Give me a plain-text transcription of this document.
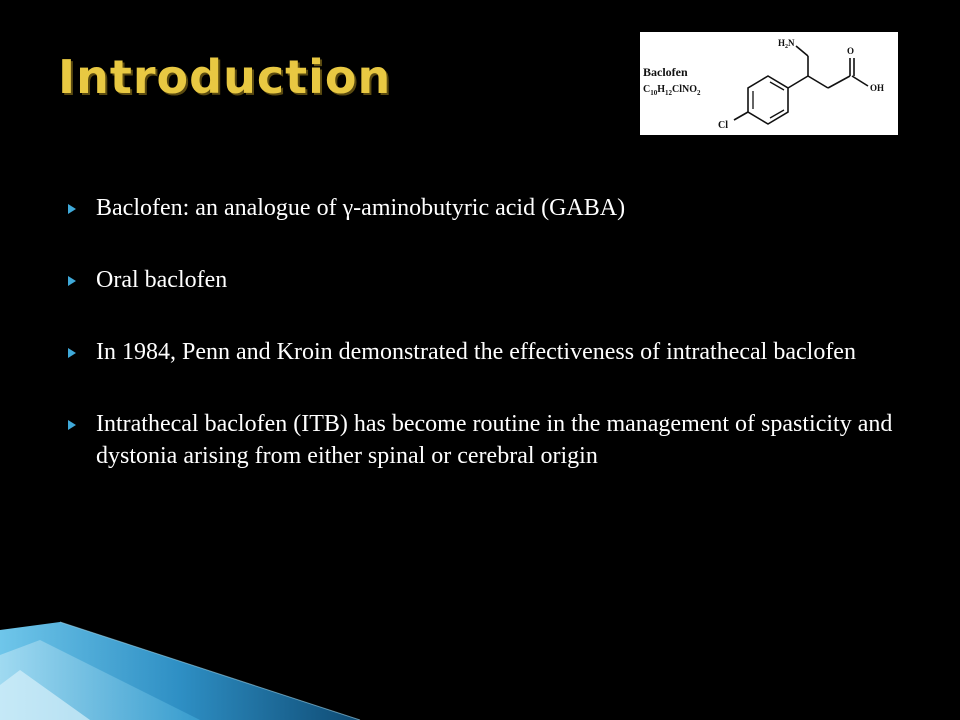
Introduction	Baclofen
$C_{10}H_{12}ClNO_2$
Cl
$H_2N$
O
OH
Baclofen: an analogue of γ-aminobutyric acid (GABA)
Oral baclofen
In 1984, Penn and Kroin demonstrated the effectiveness of intrathecal baclofen
Intrathecal baclofen (ITB) has become routine in the management of spasticity and dystonia arising from either spinal or cerebral origin
